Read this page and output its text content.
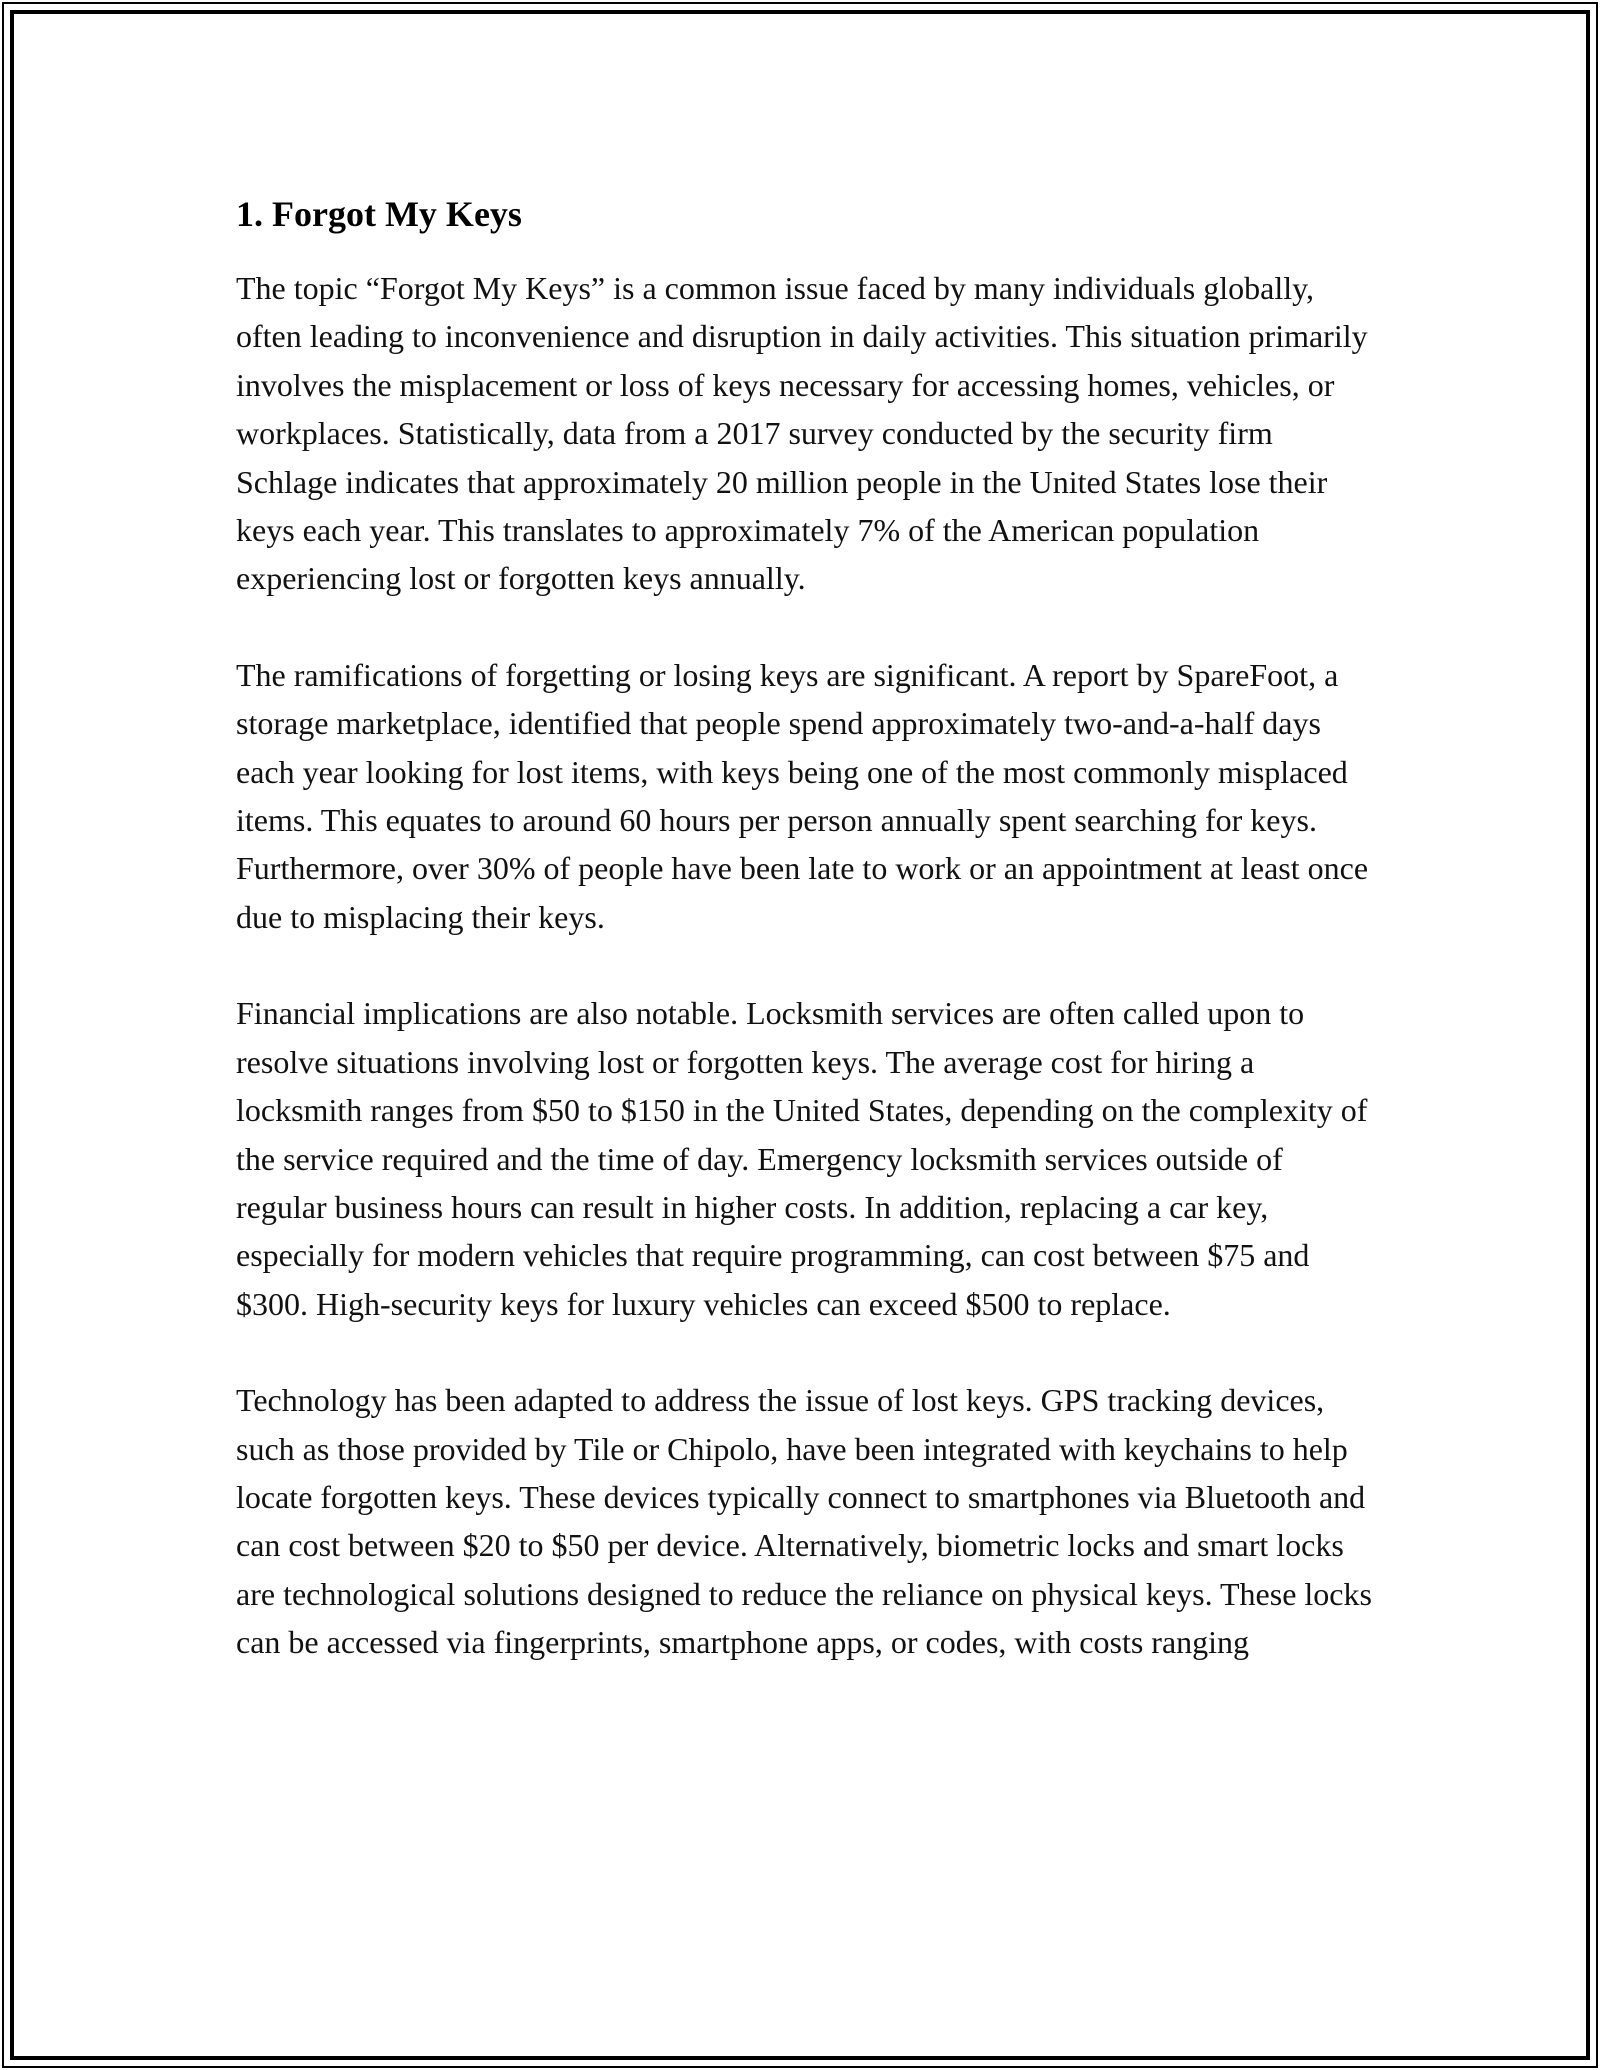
1. Forgot My Keys

The topic “Forgot My Keys” is a common issue faced by many individuals globally, often leading to inconvenience and disruption in daily activities. This situation primarily involves the misplacement or loss of keys necessary for accessing homes, vehicles, or workplaces. Statistically, data from a 2017 survey conducted by the security firm Schlage indicates that approximately 20 million people in the United States lose their keys each year. This translates to approximately 7% of the American population experiencing lost or forgotten keys annually.

The ramifications of forgetting or losing keys are significant. A report by SpareFoot, a storage marketplace, identified that people spend approximately two-and-a-half days each year looking for lost items, with keys being one of the most commonly misplaced items. This equates to around 60 hours per person annually spent searching for keys. Furthermore, over 30% of people have been late to work or an appointment at least once due to misplacing their keys.

Financial implications are also notable. Locksmith services are often called upon to resolve situations involving lost or forgotten keys. The average cost for hiring a locksmith ranges from $50 to $150 in the United States, depending on the complexity of the service required and the time of day. Emergency locksmith services outside of regular business hours can result in higher costs. In addition, replacing a car key, especially for modern vehicles that require programming, can cost between $75 and $300. High-security keys for luxury vehicles can exceed $500 to replace.

Technology has been adapted to address the issue of lost keys. GPS tracking devices, such as those provided by Tile or Chipolo, have been integrated with keychains to help locate forgotten keys. These devices typically connect to smartphones via Bluetooth and can cost between $20 to $50 per device. Alternatively, biometric locks and smart locks are technological solutions designed to reduce the reliance on physical keys. These locks can be accessed via fingerprints, smartphone apps, or codes, with costs ranging
